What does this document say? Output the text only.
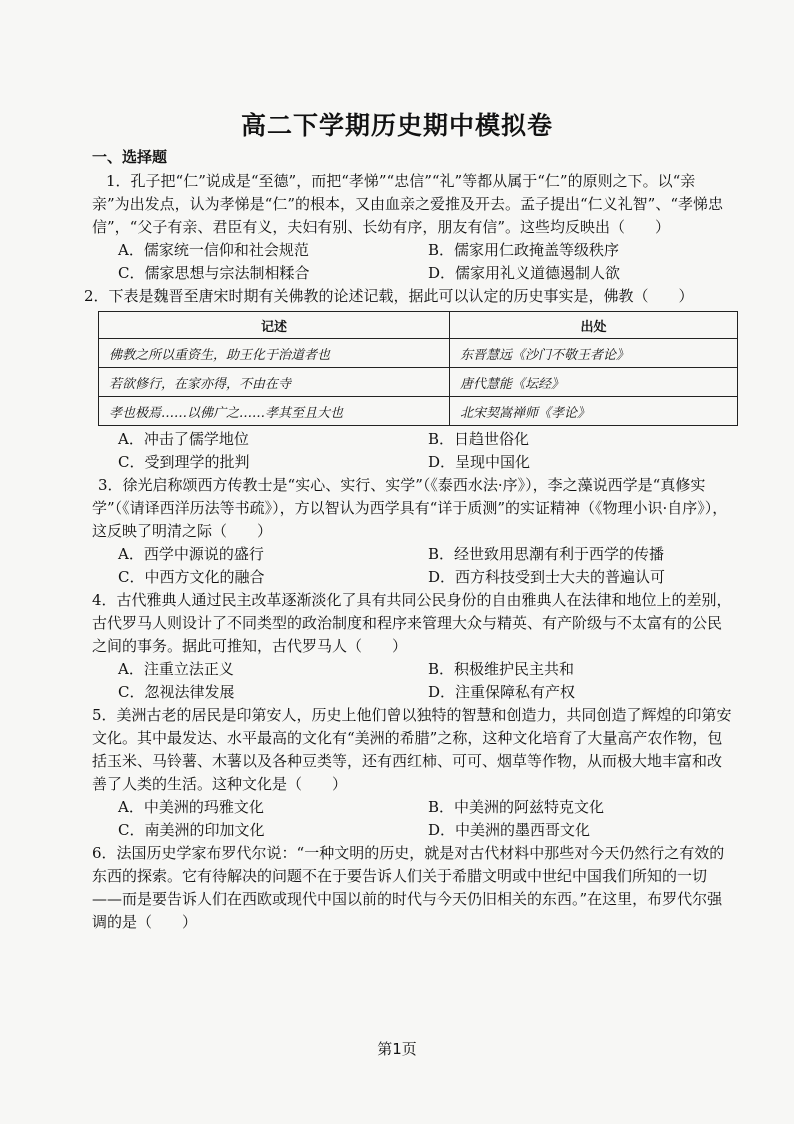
高二下学期历史期中模拟卷
一、选择题

1．孔子把“仁”说成是“至德”，而把“孝悌”“忠信”“礼”等都从属于“仁”的原则之下。以“亲亲”为出发点，认为孝悌是“仁”的根本，又由血亲之爱推及开去。孟子提出“仁义礼智”、“孝悌忠信”，“父子有亲、君臣有义，夫妇有别、长幼有序，朋友有信”。这些均反映出（　　）

A．儒家统一信仰和社会规范	B．儒家用仁政掩盖等级秩序
C．儒家思想与宗法制相糅合	D．儒家用礼义道德遏制人欲

2．下表是魏晋至唐宋时期有关佛教的论述记载，据此可以认定的历史事实是，佛教（　　）

记述	出处
佛教之所以重资生，助王化于治道者也	东晋慧远《沙门不敬王者论》
若欲修行，在家亦得，不由在寺	唐代慧能《坛经》
孝也极焉……以佛广之……孝其至且大也	北宋契嵩禅师《孝论》
A．冲击了儒学地位	B．日趋世俗化
C．受到理学的批判	D．呈现中国化

3．徐光启称颂西方传教士是“实心、实行、实学”（《泰西水法·序》），李之藻说西学是“真修实学”（《请译西洋历法等书疏》），方以智认为西学具有“详于质测”的实证精神（《物理小识·自序》），这反映了明清之际（　　）

A．西学中源说的盛行	B．经世致用思潮有利于西学的传播
C．中西方文化的融合	D．西方科技受到士大夫的普遍认可

4．古代雅典人通过民主改革逐渐淡化了具有共同公民身份的自由雅典人在法律和地位上的差别，古代罗马人则设计了不同类型的政治制度和程序来管理大众与精英、有产阶级与不太富有的公民之间的事务。据此可推知，古代罗马人（　　）

A．注重立法正义	B．积极维护民主共和
C．忽视法律发展	D．注重保障私有产权

5．美洲古老的居民是印第安人，历史上他们曾以独特的智慧和创造力，共同创造了辉煌的印第安文化。其中最发达、水平最高的文化有“美洲的希腊”之称，这种文化培育了大量高产农作物，包括玉米、马铃薯、木薯以及各种豆类等，还有西红柿、可可、烟草等作物，从而极大地丰富和改善了人类的生活。这种文化是（　　）

A．中美洲的玛雅文化	B．中美洲的阿兹特克文化
C．南美洲的印加文化	D．中美洲的墨西哥文化

6．法国历史学家布罗代尔说：“一种文明的历史，就是对古代材料中那些对今天仍然行之有效的东西的探索。它有待解决的问题不在于要告诉人们关于希腊文明或中世纪中国我们所知的一切——而是要告诉人们在西欧或现代中国以前的时代与今天仍旧相关的东西。”在这里，布罗代尔强调的是（　　）

第1页
